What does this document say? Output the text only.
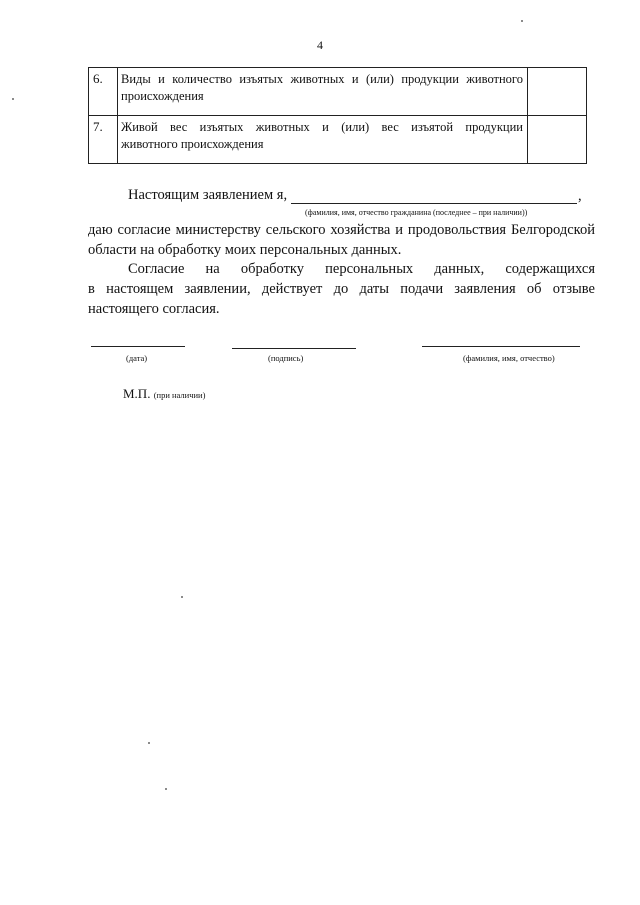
4
6.	Виды и количество изъятых животных и (или) продукции животного
происхождения	
7.	Живой вес изъятых животных и (или) вес изъятой продукции
животного происхождения	
Настоящим заявлением я,	,
(фамилия, имя, отчество гражданина (последнее – при наличии))
даю согласие министерству сельского хозяйства и продовольствия Белгородской
области на обработку моих персональных данных.
Согласие на обработку персональных данных, содержащихся
в настоящем заявлении, действует до даты подачи заявления об отзыве
настоящего согласия.
(дата)	(подпись)	(фамилия, имя, отчество)
М.П. (при наличии)
